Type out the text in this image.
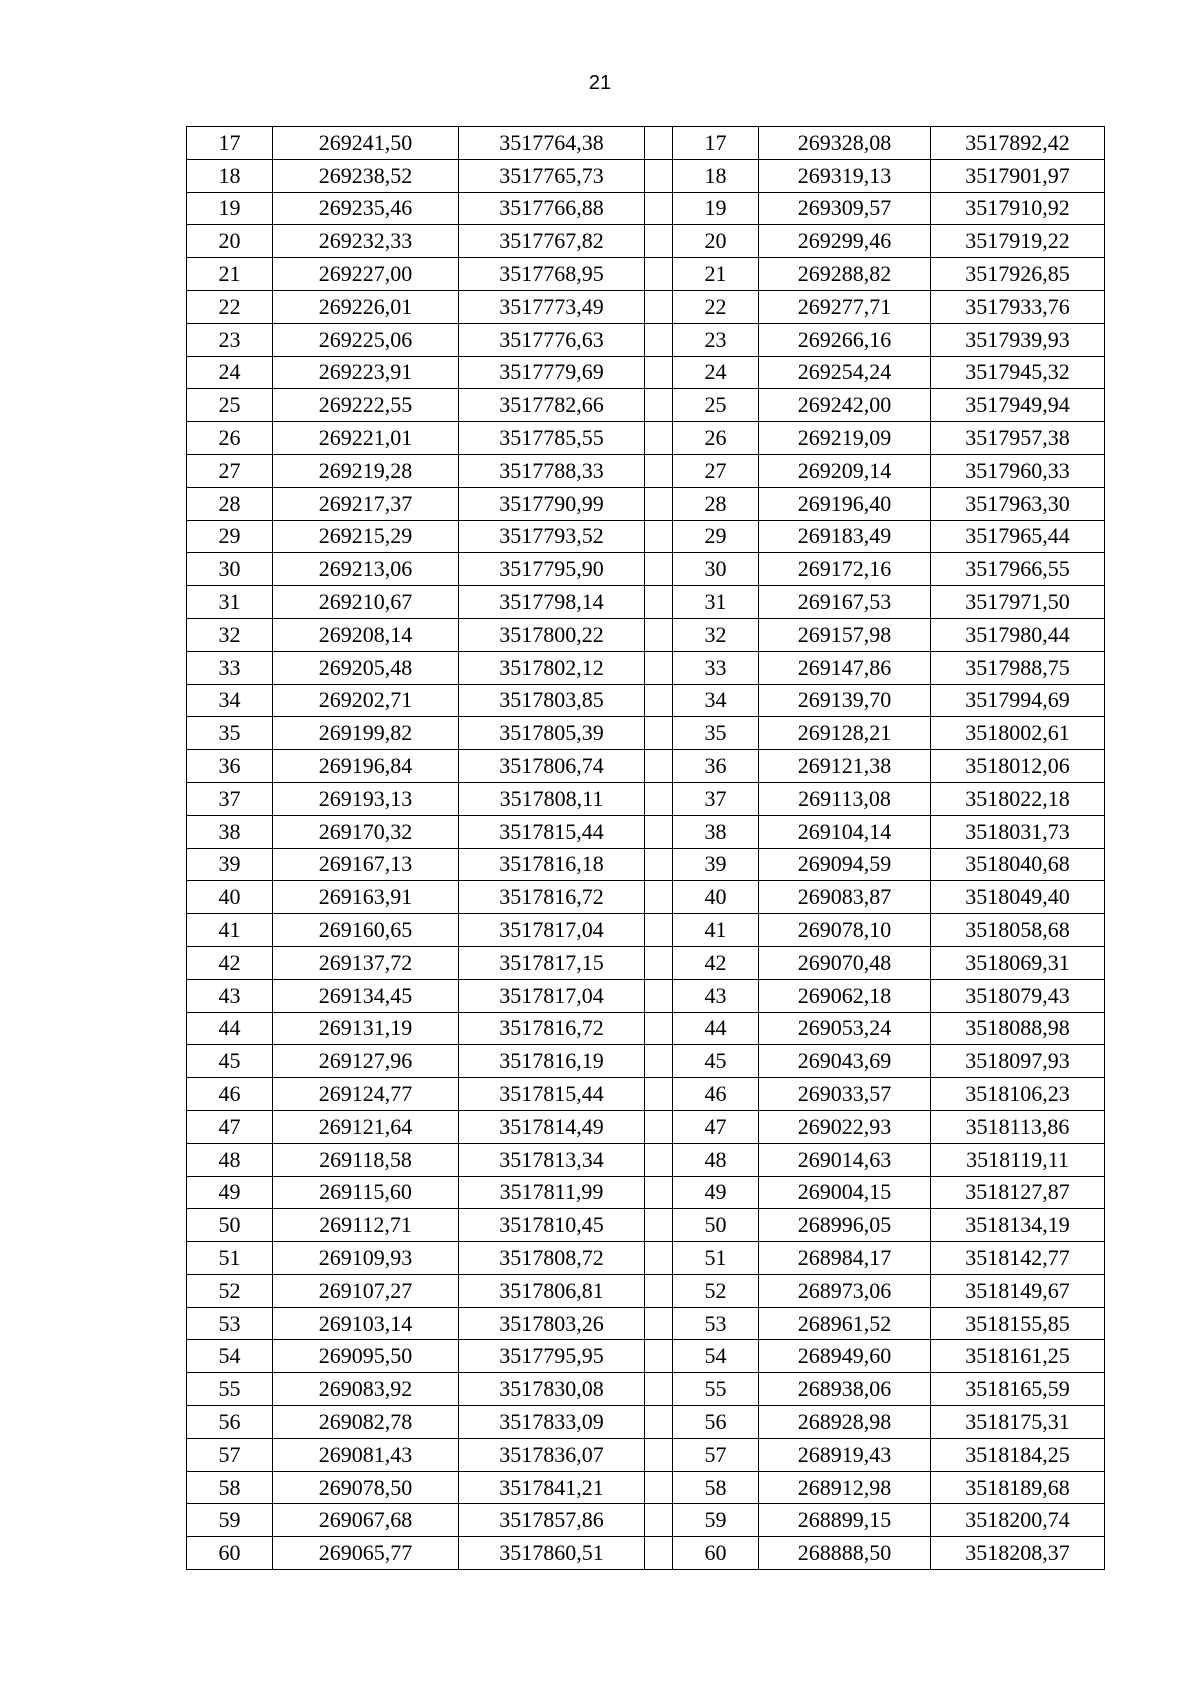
21
17	269241,50	3517764,38		17	269328,08	3517892,42
18	269238,52	3517765,73		18	269319,13	3517901,97
19	269235,46	3517766,88		19	269309,57	3517910,92
20	269232,33	3517767,82		20	269299,46	3517919,22
21	269227,00	3517768,95		21	269288,82	3517926,85
22	269226,01	3517773,49		22	269277,71	3517933,76
23	269225,06	3517776,63		23	269266,16	3517939,93
24	269223,91	3517779,69		24	269254,24	3517945,32
25	269222,55	3517782,66		25	269242,00	3517949,94
26	269221,01	3517785,55		26	269219,09	3517957,38
27	269219,28	3517788,33		27	269209,14	3517960,33
28	269217,37	3517790,99		28	269196,40	3517963,30
29	269215,29	3517793,52		29	269183,49	3517965,44
30	269213,06	3517795,90		30	269172,16	3517966,55
31	269210,67	3517798,14		31	269167,53	3517971,50
32	269208,14	3517800,22		32	269157,98	3517980,44
33	269205,48	3517802,12		33	269147,86	3517988,75
34	269202,71	3517803,85		34	269139,70	3517994,69
35	269199,82	3517805,39		35	269128,21	3518002,61
36	269196,84	3517806,74		36	269121,38	3518012,06
37	269193,13	3517808,11		37	269113,08	3518022,18
38	269170,32	3517815,44		38	269104,14	3518031,73
39	269167,13	3517816,18		39	269094,59	3518040,68
40	269163,91	3517816,72		40	269083,87	3518049,40
41	269160,65	3517817,04		41	269078,10	3518058,68
42	269137,72	3517817,15		42	269070,48	3518069,31
43	269134,45	3517817,04		43	269062,18	3518079,43
44	269131,19	3517816,72		44	269053,24	3518088,98
45	269127,96	3517816,19		45	269043,69	3518097,93
46	269124,77	3517815,44		46	269033,57	3518106,23
47	269121,64	3517814,49		47	269022,93	3518113,86
48	269118,58	3517813,34		48	269014,63	3518119,11
49	269115,60	3517811,99		49	269004,15	3518127,87
50	269112,71	3517810,45		50	268996,05	3518134,19
51	269109,93	3517808,72		51	268984,17	3518142,77
52	269107,27	3517806,81		52	268973,06	3518149,67
53	269103,14	3517803,26		53	268961,52	3518155,85
54	269095,50	3517795,95		54	268949,60	3518161,25
55	269083,92	3517830,08		55	268938,06	3518165,59
56	269082,78	3517833,09		56	268928,98	3518175,31
57	269081,43	3517836,07		57	268919,43	3518184,25
58	269078,50	3517841,21		58	268912,98	3518189,68
59	269067,68	3517857,86		59	268899,15	3518200,74
60	269065,77	3517860,51		60	268888,50	3518208,37
